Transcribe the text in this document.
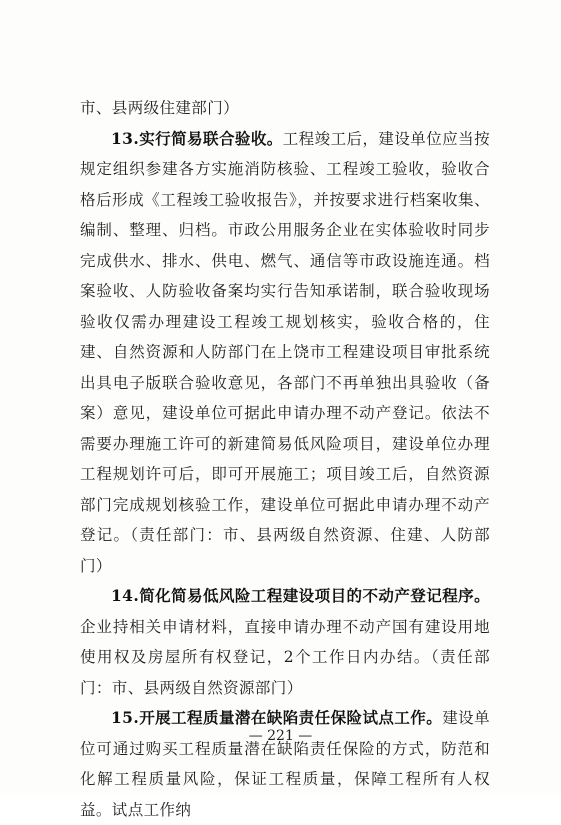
市、县两级住建部门）

13.实行简易联合验收。工程竣工后，建设单位应当按规定组织参建各方实施消防核验、工程竣工验收，验收合格后形成《工程竣工验收报告》，并按要求进行档案收集、编制、整理、归档。市政公用服务企业在实体验收时同步完成供水、排水、供电、燃气、通信等市政设施连通。档案验收、人防验收备案均实行告知承诺制，联合验收现场验收仅需办理建设工程竣工规划核实，验收合格的，住建、自然资源和人防部门在上饶市工程建设项目审批系统出具电子版联合验收意见，各部门不再单独出具验收（备案）意见，建设单位可据此申请办理不动产登记。依法不需要办理施工许可的新建简易低风险项目，建设单位办理工程规划许可后，即可开展施工；项目竣工后，自然资源部门完成规划核验工作，建设单位可据此申请办理不动产登记。（责任部门：市、县两级自然资源、住建、人防部门）

14.简化简易低风险工程建设项目的不动产登记程序。企业持相关申请材料，直接申请办理不动产国有建设用地使用权及房屋所有权登记，2个工作日内办结。（责任部门：市、县两级自然资源部门）

15.开展工程质量潜在缺陷责任保险试点工作。建设单位可通过购买工程质量潜在缺陷责任保险的方式，防范和化解工程质量风险，保证工程质量，保障工程所有人权益。试点工作纳

— 221 —
